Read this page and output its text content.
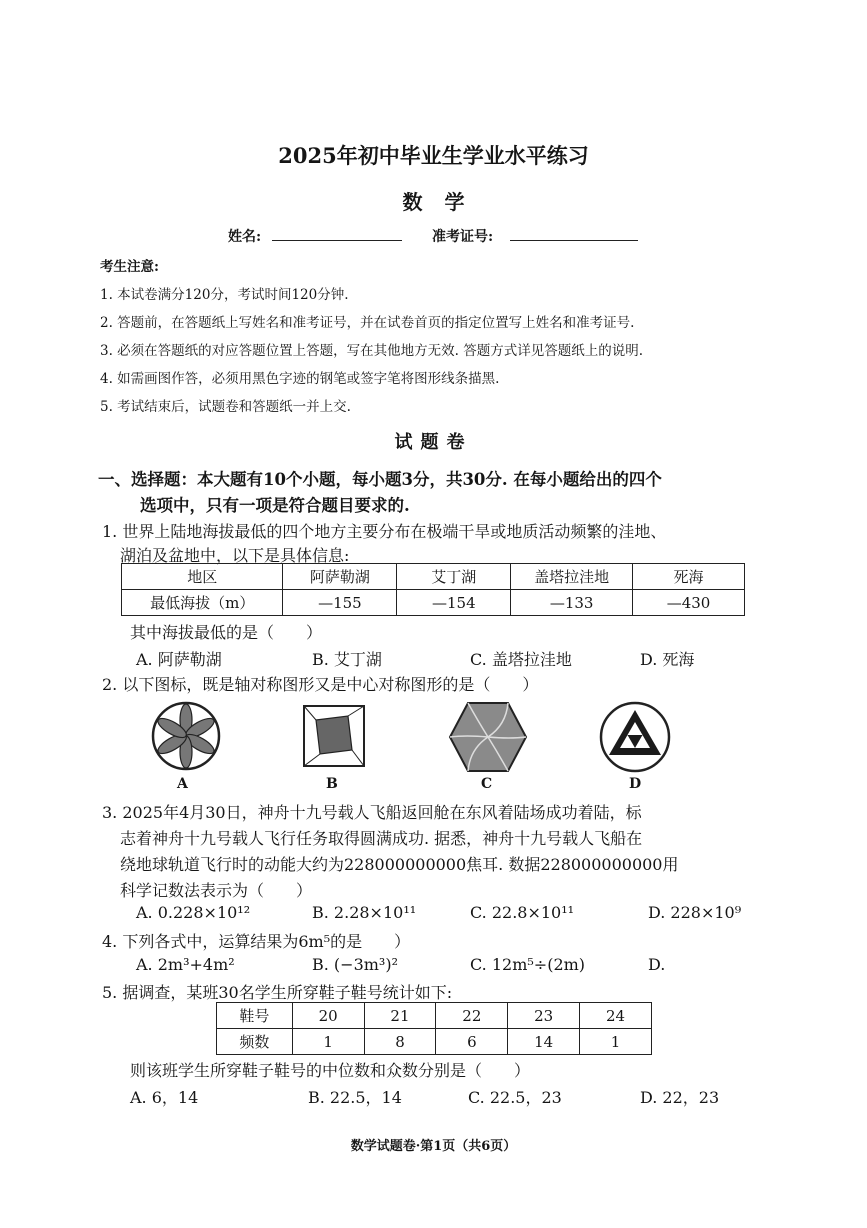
2025年初中毕业生学业水平练习
数学
姓名:	准考证号:
考生注意:
1. 本试卷满分120分，考试时间120分钟.
2. 答题前，在答题纸上写姓名和准考证号，并在试卷首页的指定位置写上姓名和准考证号.
3. 必须在答题纸的对应答题位置上答题，写在其他地方无效. 答题方式详见答题纸上的说明.
4. 如需画图作答，必须用黑色字迹的钢笔或签字笔将图形线条描黑.
5. 考试结束后，试题卷和答题纸一并上交.
试题卷
一、选择题：本大题有10个小题，每小题3分，共30分. 在每小题给出的四个
选项中，只有一项是符合题目要求的.
1. 世界上陆地海拔最低的四个地方主要分布在极端干旱或地质活动频繁的洼地、
湖泊及盆地中，以下是具体信息:
地区	阿萨勒湖	艾丁湖	盖塔拉洼地	死海
最低海拔（m）	—155	—154	—133	—430
其中海拔最低的是（　　）
A. 阿萨勒湖	B. 艾丁湖	C. 盖塔拉洼地	D. 死海
2. 以下图标，既是轴对称图形又是中心对称图形的是（　　）
A	B	C	D
3. 2025年4月30日，神舟十九号载人飞船返回舱在东风着陆场成功着陆，标
志着神舟十九号载人飞行任务取得圆满成功. 据悉，神舟十九号载人飞船在
绕地球轨道飞行时的动能大约为228000000000焦耳. 数据228000000000用
科学记数法表示为（　　）
A. 0.228×10¹²	B. 2.28×10¹¹	C. 22.8×10¹¹	D. 228×10⁹
4. 下列各式中，运算结果为6m⁵的是　　）
A. 2m³+4m²	B. (−3m³)²	C. 12m⁵÷(2m)	D.
5. 据调查，某班30名学生所穿鞋子鞋号统计如下:
鞋号	20	21	22	23	24
频数	1	8	6	14	1
则该班学生所穿鞋子鞋号的中位数和众数分别是（　　）
A. 6，14	B. 22.5，14	C. 22.5，23	D. 22，23
数学试题卷·第1页（共6页）
